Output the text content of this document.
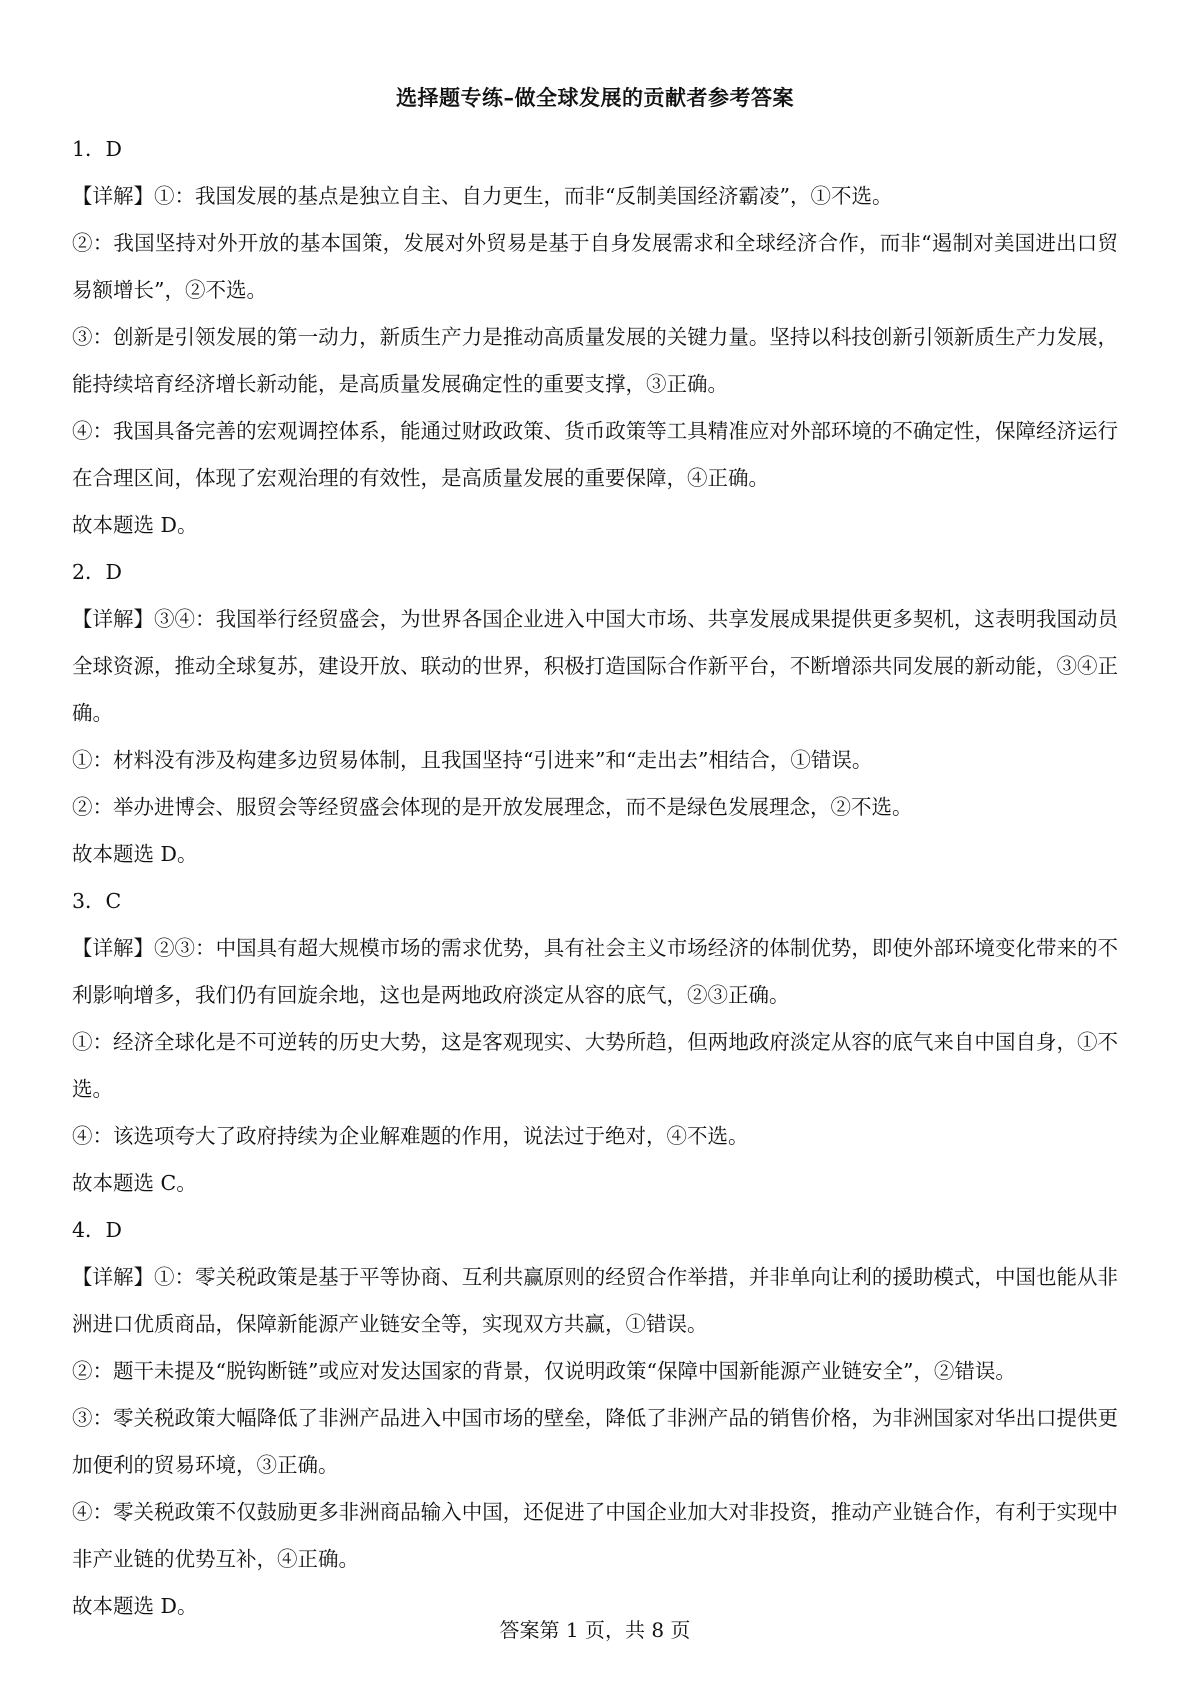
选择题专练–做全球发展的贡献者参考答案
1．D
【详解】①：我国发展的基点是独立自主、自力更生，而非“反制美国经济霸凌”，①不选。
②：我国坚持对外开放的基本国策，发展对外贸易是基于自身发展需求和全球经济合作，而非“遏制对美国进出口贸易额增长”，②不选。
③：创新是引领发展的第一动力，新质生产力是推动高质量发展的关键力量。坚持以科技创新引领新质生产力发展，能持续培育经济增长新动能，是高质量发展确定性的重要支撑，③正确。
④：我国具备完善的宏观调控体系，能通过财政政策、货币政策等工具精准应对外部环境的不确定性，保障经济运行在合理区间，体现了宏观治理的有效性，是高质量发展的重要保障，④正确。
故本题选 D。
2．D
【详解】③④：我国举行经贸盛会，为世界各国企业进入中国大市场、共享发展成果提供更多契机，这表明我国动员全球资源，推动全球复苏，建设开放、联动的世界，积极打造国际合作新平台，不断增添共同发展的新动能，③④正确。
①：材料没有涉及构建多边贸易体制，且我国坚持“引进来”和“走出去”相结合，①错误。
②：举办进博会、服贸会等经贸盛会体现的是开放发展理念，而不是绿色发展理念，②不选。
故本题选 D。
3．C
【详解】②③：中国具有超大规模市场的需求优势，具有社会主义市场经济的体制优势，即使外部环境变化带来的不利影响增多，我们仍有回旋余地，这也是两地政府淡定从容的底气，②③正确。
①：经济全球化是不可逆转的历史大势，这是客观现实、大势所趋，但两地政府淡定从容的底气来自中国自身，①不选。
④：该选项夸大了政府持续为企业解难题的作用，说法过于绝对，④不选。
故本题选 C。
4．D
【详解】①：零关税政策是基于平等协商、互利共赢原则的经贸合作举措，并非单向让利的援助模式，中国也能从非洲进口优质商品，保障新能源产业链安全等，实现双方共赢，①错误。
②：题干未提及“脱钩断链”或应对发达国家的背景，仅说明政策“保障中国新能源产业链安全”，②错误。
③：零关税政策大幅降低了非洲产品进入中国市场的壁垒，降低了非洲产品的销售价格，为非洲国家对华出口提供更加便利的贸易环境，③正确。
④：零关税政策不仅鼓励更多非洲商品输入中国，还促进了中国企业加大对非投资，推动产业链合作，有利于实现中非产业链的优势互补，④正确。
故本题选 D。
答案第 1 页，共 8 页
